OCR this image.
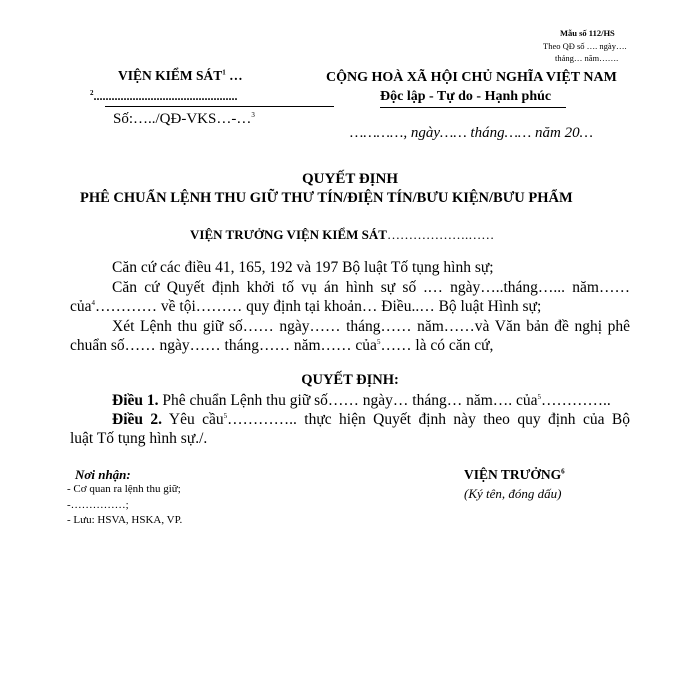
Mẫu số 112/HS
Theo QĐ số …. ngày….
tháng… năm…….
VIỆN KIỂM SÁT$^1$ …
$^2$................................................
Số:…../QĐ-VKS…-…$^3$
CỘNG HOÀ XÃ HỘI CHỦ NGHĨA VIỆT NAM
Độc lập - Tự do - Hạnh phúc
…………, ngày…… tháng…… năm 20…
QUYẾT ĐỊNH
PHÊ CHUẨN LỆNH THU GIỮ THƯ TÍN/ĐIỆN TÍN/BƯU KIỆN/BƯU PHẨM
VIỆN TRƯỞNG VIỆN KIỂM SÁT……………….……
Căn cứ các điều 41, 165, 192 và 197 Bộ luật Tố tụng hình sự;
Căn cứ Quyết định khởi tố vụ án hình sự số .… ngày…..tháng…... năm……
của$^4$………… về tội……… quy định tại khoản… Điều..… Bộ luật Hình sự;
Xét Lệnh thu giữ số…… ngày…… tháng…… năm……và Văn bản đề nghị phê
chuẩn số…… ngày…… tháng…… năm…… của$^5$…… là có căn cứ,
QUYẾT ĐỊNH:
Điều 1. Phê chuẩn Lệnh thu giữ số…… ngày… tháng… năm…. của$^5$…………..
Điều 2. Yêu cầu$^5$………….. thực hiện Quyết định này theo quy định của Bộ
luật Tố tụng hình sự./.
Nơi nhận:
- Cơ quan ra lệnh thu giữ;
-……………;
- Lưu: HSVA, HSKA, VP.
VIỆN TRƯỞNG$^6$
(Ký tên, đóng dấu)
